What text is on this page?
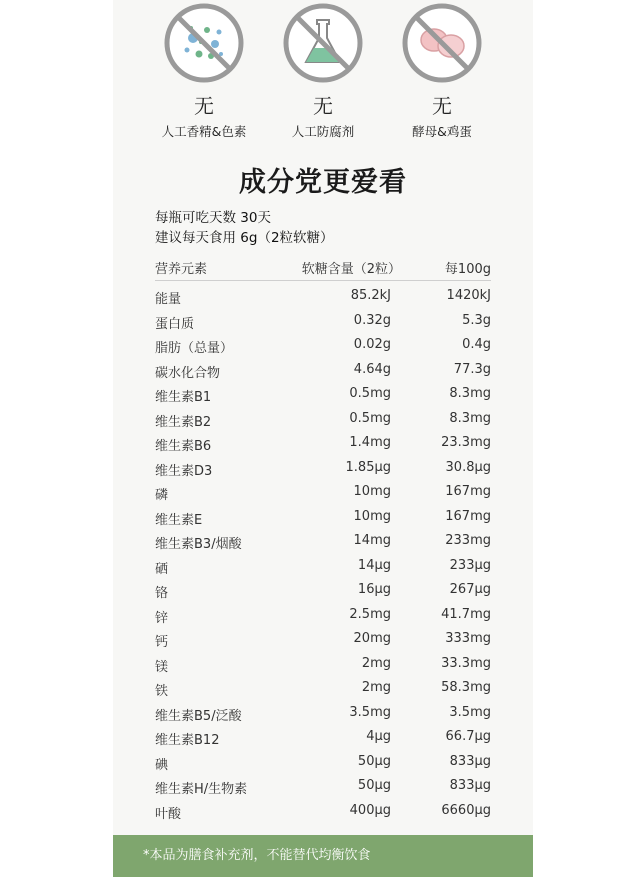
无
人工香精&色素
无
人工防腐剂
无
酵母&鸡蛋
成分党更爱看
每瓶可吃天数 30天
建议每天食用 6g（2粒软糖）
营养元素	软糖含量（2粒）	每100g
能量	85.2kJ	1420kJ
蛋白质	0.32g	5.3g
脂肪（总量）	0.02g	0.4g
碳水化合物	4.64g	77.3g
维生素B1	0.5mg	8.3mg
维生素B2	0.5mg	8.3mg
维生素B6	1.4mg	23.3mg
维生素D3	1.85μg	30.8μg
磷	10mg	167mg
维生素E	10mg	167mg
维生素B3/烟酸	14mg	233mg
硒	14μg	233μg
铬	16μg	267μg
锌	2.5mg	41.7mg
钙	20mg	333mg
镁	2mg	33.3mg
铁	2mg	58.3mg
维生素B5/泛酸	3.5mg	3.5mg
维生素B12	4μg	66.7μg
碘	50μg	833μg
维生素H/生物素	50μg	833μg
叶酸	400μg	6660μg
*本品为膳食补充剂，不能替代均衡饮食
